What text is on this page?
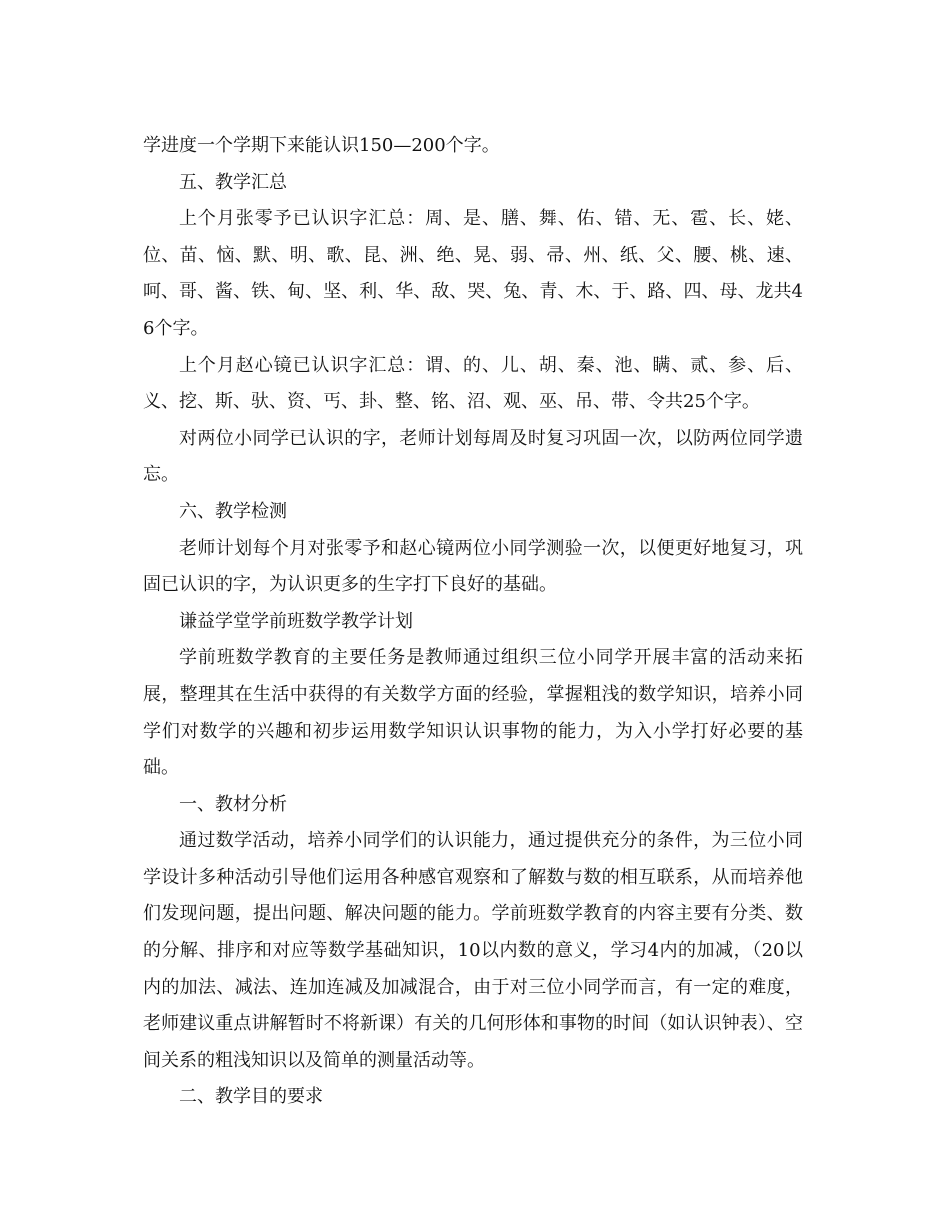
学进度一个学期下来能认识150—200个字。

五、教学汇总

上个月张零予已认识字汇总：周、是、膳、舞、佑、错、无、雹、长、姥、位、苗、恼、默、明、歌、昆、洲、绝、晃、弱、帚、州、纸、父、腰、桃、速、呵、哥、酱、铁、甸、坚、利、华、敌、哭、兔、青、木、于、路、四、母、龙共46个字。

上个月赵心镜已认识字汇总：谓、的、儿、胡、秦、池、瞒、贰、参、后、义、挖、斯、驮、资、丐、卦、整、铭、沼、观、巫、吊、带、令共25个字。

对两位小同学已认识的字，老师计划每周及时复习巩固一次，以防两位同学遗忘。

六、教学检测

老师计划每个月对张零予和赵心镜两位小同学测验一次，以便更好地复习，巩固已认识的字，为认识更多的生字打下良好的基础。

谦益学堂学前班数学教学计划

学前班数学教育的主要任务是教师通过组织三位小同学开展丰富的活动来拓展，整理其在生活中获得的有关数学方面的经验，掌握粗浅的数学知识，培养小同学们对数学的兴趣和初步运用数学知识认识事物的能力，为入小学打好必要的基础。

一、教材分析

通过数学活动，培养小同学们的认识能力，通过提供充分的条件，为三位小同学设计多种活动引导他们运用各种感官观察和了解数与数的相互联系，从而培养他们发现问题，提出问题、解决问题的能力。学前班数学教育的内容主要有分类、数的分解、排序和对应等数学基础知识，10以内数的意义，学习4内的加减，（20以内的加法、减法、连加连减及加减混合，由于对三位小同学而言，有一定的难度，老师建议重点讲解暂时不将新课）有关的几何形体和事物的时间（如认识钟表）、空间关系的粗浅知识以及简单的测量活动等。

二、教学目的要求
